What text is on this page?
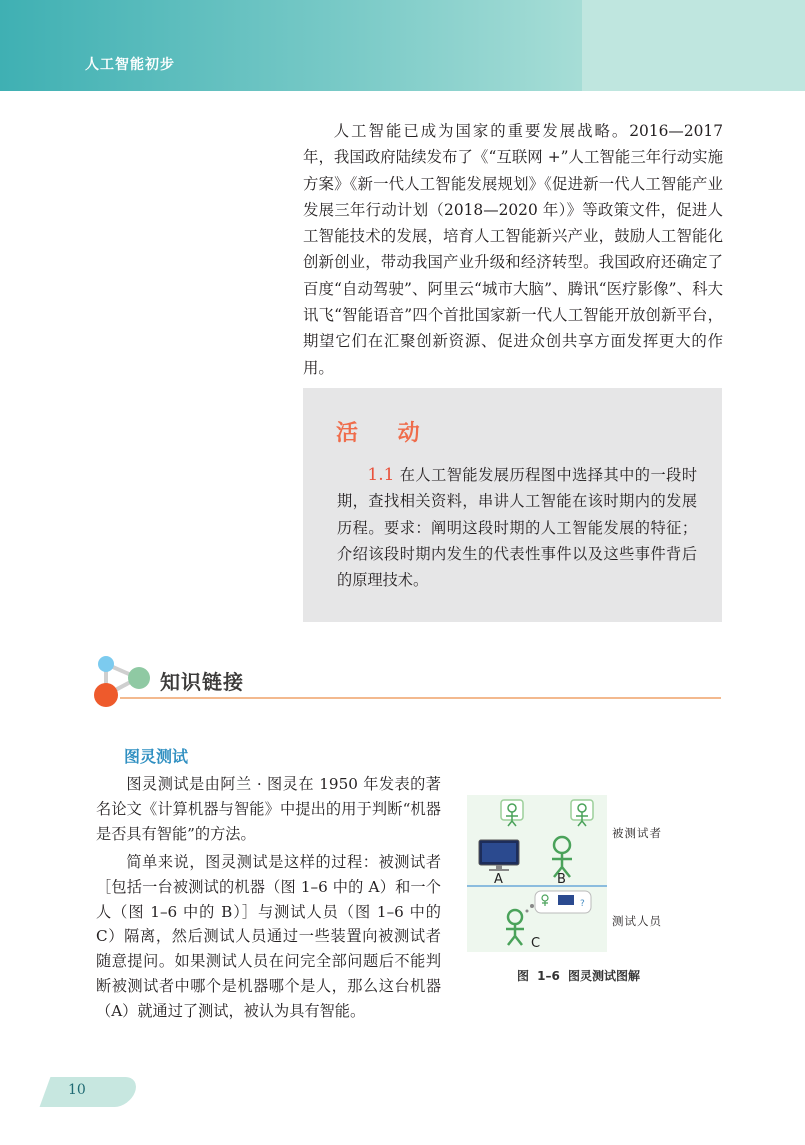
人工智能初步

人工智能已成为国家的重要发展战略。2016—2017 年，我国政府陆续发布了《“互联网 +”人工智能三年行动实施方案》《新一代人工智能发展规划》《促进新一代人工智能产业发展三年行动计划（2018—2020 年）》等政策文件，促进人工智能技术的发展，培育人工智能新兴产业，鼓励人工智能化创新创业，带动我国产业升级和经济转型。我国政府还确定了百度“自动驾驶”、阿里云“城市大脑”、腾讯“医疗影像”、科大讯飞“智能语音”四个首批国家新一代人工智能开放创新平台，期望它们在汇聚创新资源、促进众创共享方面发挥更大的作用。

活 动

1.1 在人工智能发展历程图中选择其中的一段时期，查找相关资料，串讲人工智能在该时期内的发展历程。要求：阐明这段时期的人工智能发展的特征；介绍该段时期内发生的代表性事件以及这些事件背后的原理技术。

知识链接
图灵测试

图灵测试是由阿兰 · 图灵在 1950 年发表的著名论文《计算机器与智能》中提出的用于判断“机器是否具有智能”的方法。

简单来说，图灵测试是这样的过程：被测试者［包括一台被测试的机器（图 1–6 中的 A）和一个人（图 1–6 中的 B）］与测试人员（图 1–6 中的 C）隔离，然后测试人员通过一些装置向被测试者随意提问。如果测试人员在问完全部问题后不能判断被测试者中哪个是机器哪个是人，那么这台机器（A）就通过了测试，被认为具有智能。

A	B
C
?
被测试者
测试人员
图 1–6 图灵测试图解
10
